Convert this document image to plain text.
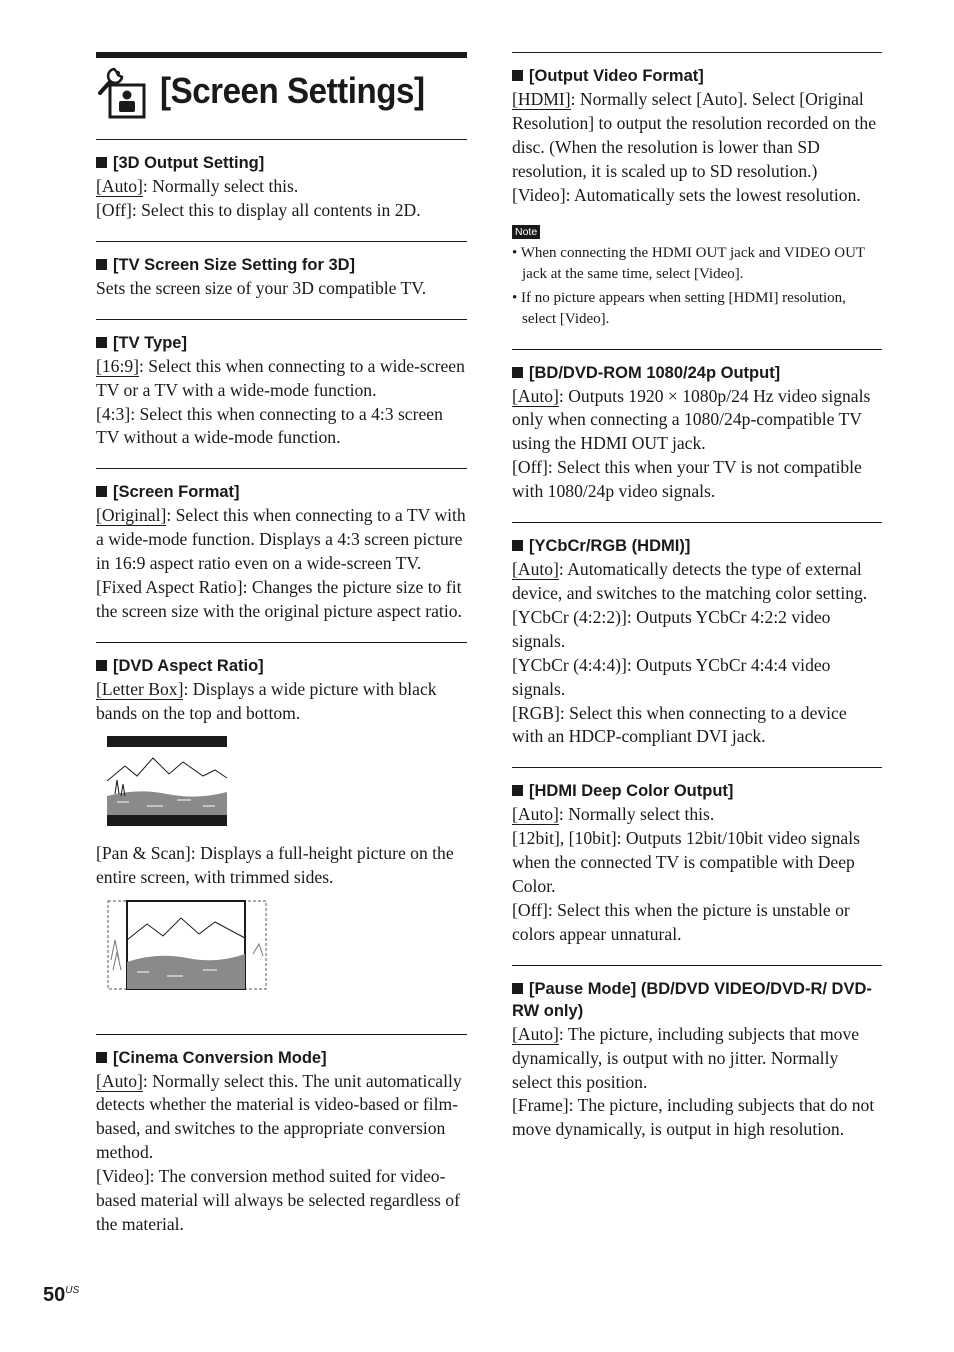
[Screen Settings]
[3D Output Setting]

[Auto]: Normally select this.

[Off]: Select this to display all contents in 2D.

[TV Screen Size Setting for 3D]

Sets the screen size of your 3D compatible TV.

[TV Type]

[16:9]: Select this when connecting to a wide-screen TV or a TV with a wide-mode function.

[4:3]: Select this when connecting to a 4:3 screen TV without a wide-mode function.

[Screen Format]

[Original]: Select this when connecting to a TV with a wide-mode function. Displays a 4:3 screen picture in 16:9 aspect ratio even on a wide-screen TV.

[Fixed Aspect Ratio]: Changes the picture size to fit the screen size with the original picture aspect ratio.

[DVD Aspect Ratio]

[Letter Box]: Displays a wide picture with black bands on the top and bottom.

[Pan & Scan]: Displays a full-height picture on the entire screen, with trimmed sides.

[Cinema Conversion Mode]

[Auto]: Normally select this. The unit automatically detects whether the material is video-based or film-based, and switches to the appropriate conversion method.

[Video]: The conversion method suited for video-based material will always be selected regardless of the material.

[Output Video Format]

[HDMI]: Normally select [Auto]. Select [Original Resolution] to output the resolution recorded on the disc. (When the resolution is lower than SD resolution, it is scaled up to SD resolution.)

[Video]: Automatically sets the lowest resolution.

Note
• When connecting the HDMI OUT jack and VIDEO OUT jack at the same time, select [Video].
• If no picture appears when setting [HDMI] resolution, select [Video].
[BD/DVD-ROM 1080/24p Output]

[Auto]: Outputs 1920 × 1080p/24 Hz video signals only when connecting a 1080/24p-compatible TV using the HDMI OUT jack.

[Off]: Select this when your TV is not compatible with 1080/24p video signals.

[YCbCr/RGB (HDMI)]

[Auto]: Automatically detects the type of external device, and switches to the matching color setting.

[YCbCr (4:2:2)]: Outputs YCbCr 4:2:2 video signals.

[YCbCr (4:4:4)]: Outputs YCbCr 4:4:4 video signals.

[RGB]: Select this when connecting to a device with an HDCP-compliant DVI jack.

[HDMI Deep Color Output]

[Auto]: Normally select this.

[12bit], [10bit]: Outputs 12bit/10bit video signals when the connected TV is compatible with Deep Color.

[Off]: Select this when the picture is unstable or colors appear unnatural.

[Pause Mode] (BD/DVD VIDEO/DVD-R/ DVD-RW only)

[Auto]: The picture, including subjects that move dynamically, is output with no jitter. Normally select this position.

[Frame]: The picture, including subjects that do not move dynamically, is output in high resolution.

$50^{US}$
